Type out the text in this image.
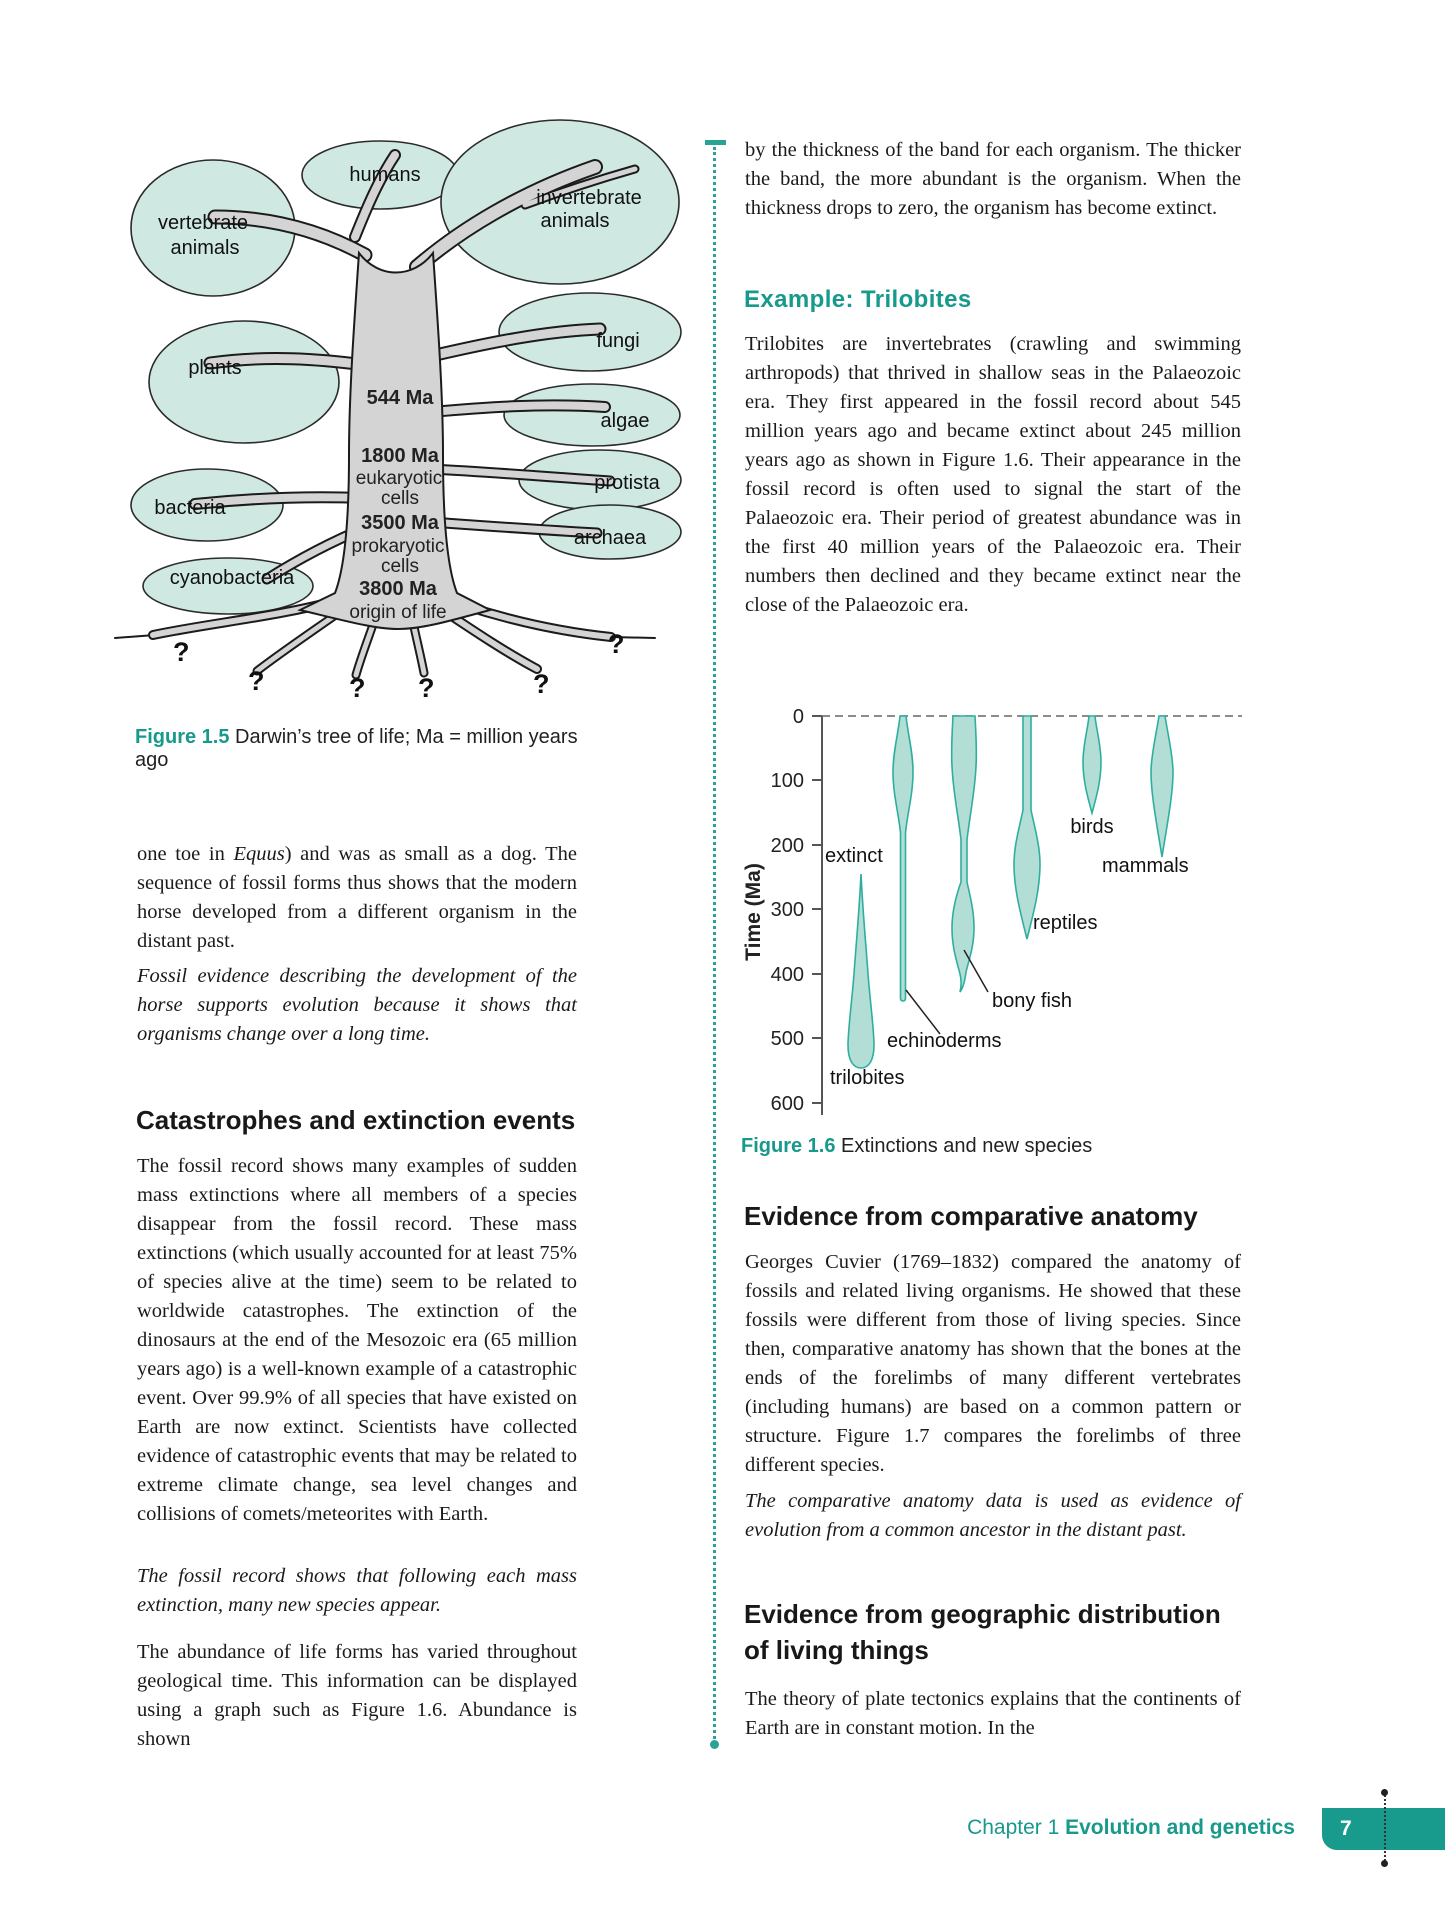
humans
vertebrate
animals
invertebrate
animals
plants
fungi
algae
protista
archaea
bacteria
cyanobacteria
544 Ma
1800 Ma
eukaryotic
cells
3500 Ma
prokaryotic
cells
3800 Ma
origin of life
?
?	? ?	?
?
Figure 1.5 Darwin’s tree of life; Ma = million years ago
by the thickness of the band for each organism. The thicker the band, the more abundant is the organism. When the thickness drops to zero, the organism has become extinct.
Example: Trilobites
Trilobites are invertebrates (crawling and swimming arthropods) that thrived in shallow seas in the Palaeozoic era. They first appeared in the fossil record about 545 million years ago and became extinct about 245 million years ago as shown in Figure 1.6. Their appearance in the fossil record is often used to signal the start of the Palaeozoic era. Their period of greatest abundance was in the first 40 million years of the Palaeozoic era. Their numbers then declined and they became extinct near the close of the Palaeozoic era.
0
100
200
300
400
500
600
Time (Ma)
extinct
birds
mammals
reptiles
bony fish
echinoderms
trilobites
Figure 1.6 Extinctions and new species
one toe in Equus) and was as small as a dog. The sequence of fossil forms thus shows that the modern horse developed from a different organism in the distant past.
Fossil evidence describing the development of the horse supports evolution because it shows that organisms change over a long time.
Catastrophes and extinction events
The fossil record shows many examples of sudden mass extinctions where all members of a species disappear from the fossil record. These mass extinctions (which usually accounted for at least 75% of species alive at the time) seem to be related to worldwide catastrophes. The extinction of the dinosaurs at the end of the Mesozoic era (65 million years ago) is a well-known example of a catastrophic event. Over 99.9% of all species that have existed on Earth are now extinct. Scientists have collected evidence of catastrophic events that may be related to extreme climate change, sea level changes and collisions of comets/meteorites with Earth.
The fossil record shows that following each mass extinction, many new species appear.
The abundance of life forms has varied throughout geological time. This information can be displayed using a graph such as Figure 1.6. Abundance is shown
Evidence from comparative anatomy
Georges Cuvier (1769–1832) compared the anatomy of fossils and related living organisms. He showed that these fossils were different from those of living species. Since then, comparative anatomy has shown that the bones at the ends of the forelimbs of many different vertebrates (including humans) are based on a common pattern or structure. Figure 1.7 compares the forelimbs of three different species.
The comparative anatomy data is used as evidence of evolution from a common ancestor in the distant past.
Evidence from geographic distribution of living things
The theory of plate tectonics explains that the continents of Earth are in constant motion. In the
Chapter 1 Evolution and genetics 7
